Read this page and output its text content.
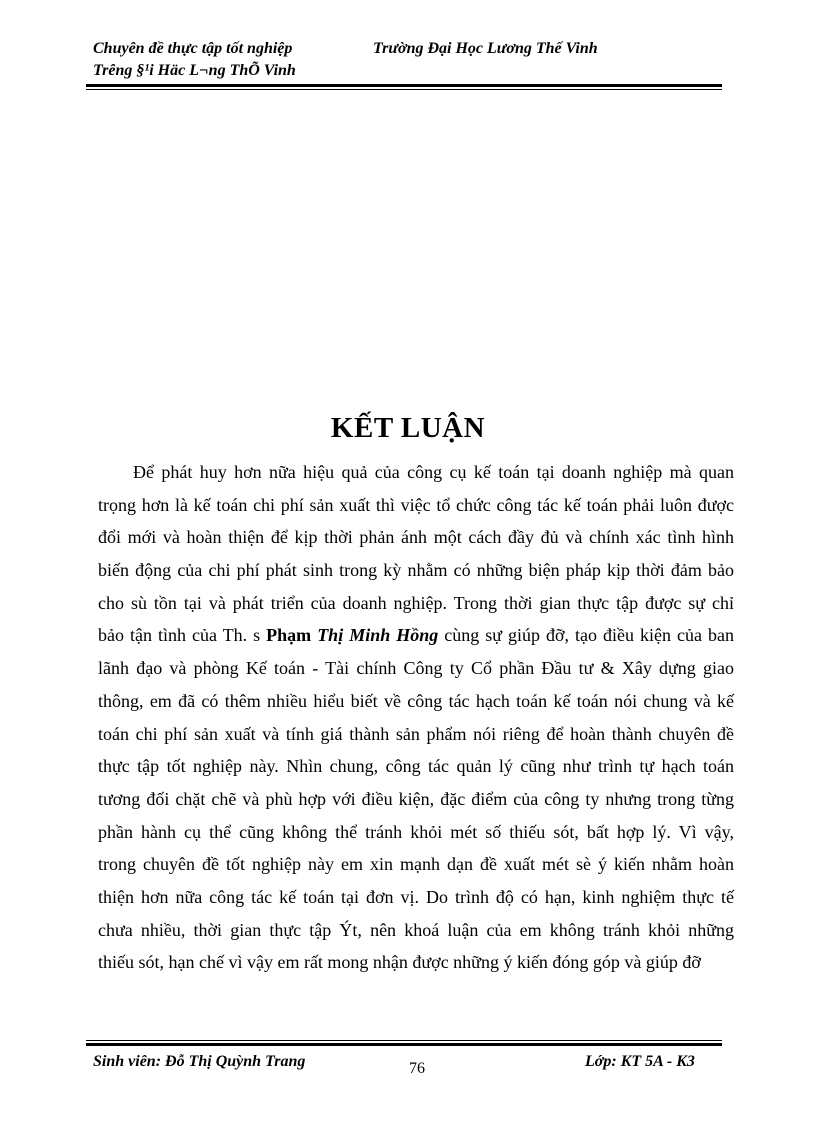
Chuyên đề thực tập tốt nghiệp	Trường Đại Học Lương Thế Vinh
Trêng §¹i Häc L¬ng ThÕ Vinh
KẾT LUẬN
Để phát huy hơn nữa hiệu quả của công cụ kế toán tại doanh nghiệp mà quan
trọng hơn là kế toán chi phí sản xuất thì việc tổ chức công tác kế toán phải luôn được
đổi mới và hoàn thiện để kịp thời phản ánh một cách đầy đủ và chính xác tình hình
biến động của chi phí phát sinh trong kỳ nhằm có những biện pháp kịp thời đảm bảo
cho sù tồn tại và phát triển của doanh nghiệp. Trong thời gian thực tập được sự chỉ
bảo tận tình của Th. s Phạm Thị Minh Hồng cùng sự giúp đỡ, tạo điều kiện của ban
lãnh đạo và phòng Kế toán - Tài chính Công ty Cổ phần Đầu tư & Xây dựng giao
thông, em đã có thêm nhiều hiểu biết về công tác hạch toán kế toán nói chung và kế
toán chi phí sản xuất và tính giá thành sản phẩm nói riêng để hoàn thành chuyên đề
thực tập tốt nghiệp này. Nhìn chung, công tác quản lý cũng như trình tự hạch toán
tương đối chặt chẽ và phù hợp với điều kiện, đặc điểm của công ty nhưng trong từng
phần hành cụ thể cũng không thể tránh khỏi mét số thiếu sót, bất hợp lý. Vì vậy,
trong chuyên đề tốt nghiệp này em xin mạnh dạn đề xuất mét sè ý kiến nhằm hoàn
thiện hơn nữa công tác kế toán tại đơn vị. Do trình độ có hạn, kinh nghiệm thực tế
chưa nhiều, thời gian thực tập Ýt, nên khoá luận của em không tránh khỏi những
thiếu sót, hạn chế vì vậy em rất mong nhận được những ý kiến đóng góp và giúp đỡ
Sinh viên: Đỗ Thị Quỳnh Trang	76	Lớp: KT 5A - K3
